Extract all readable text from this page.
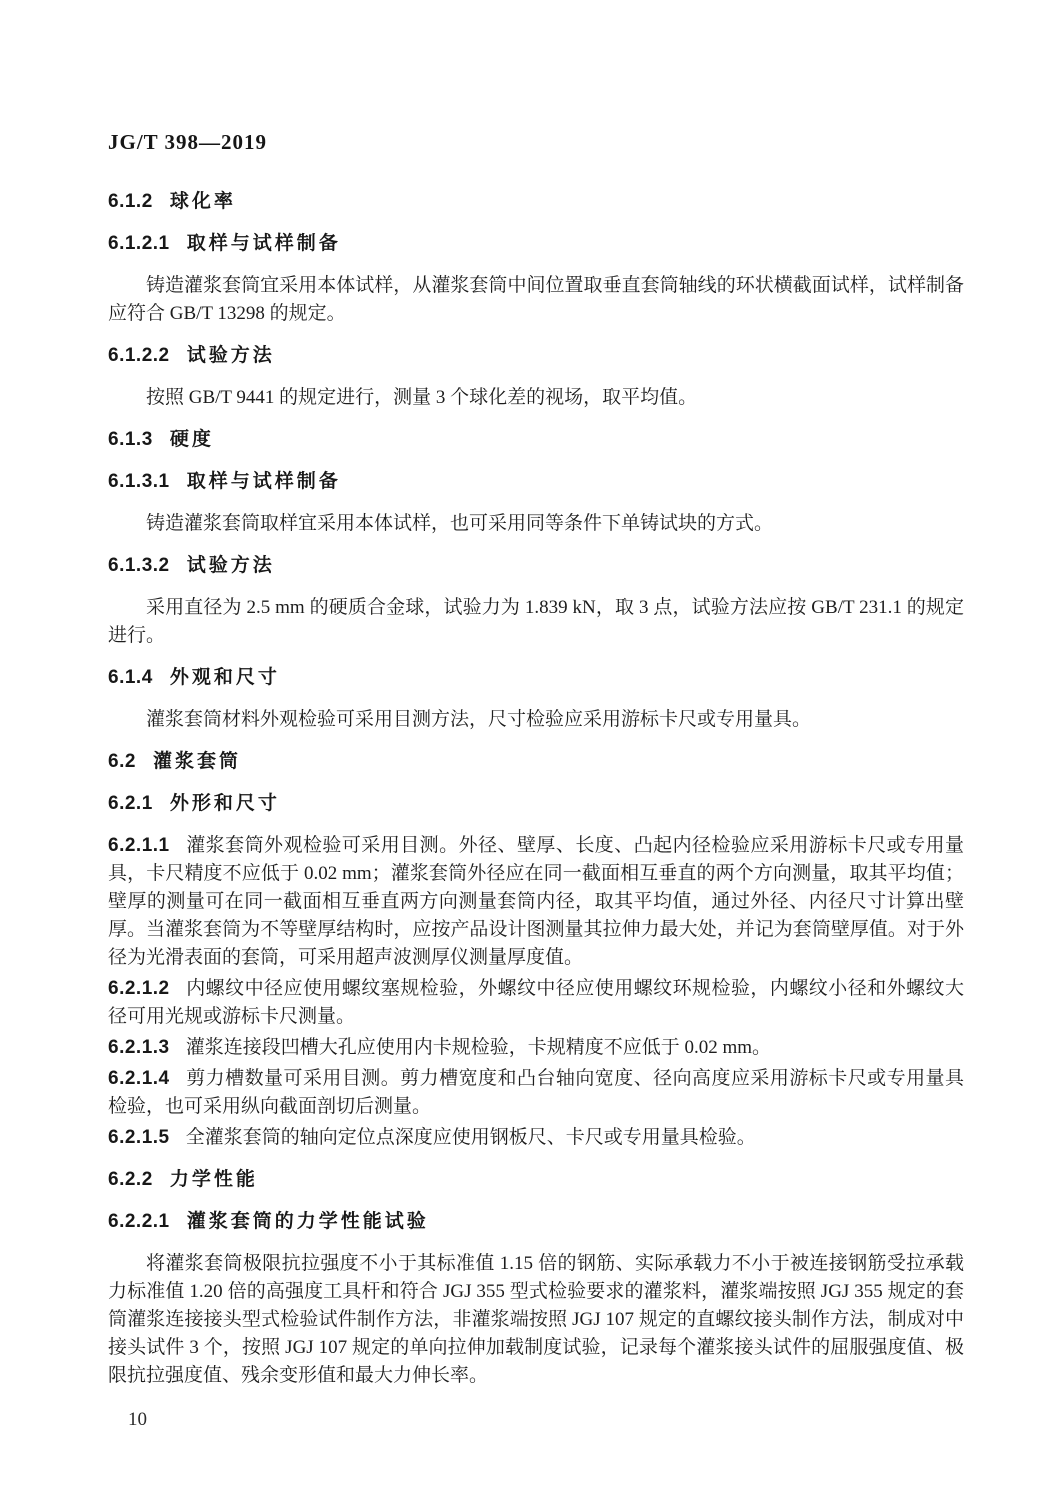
JG/T 398—2019

6.1.2 球化率

6.1.2.1 取样与试样制备

铸造灌浆套筒宜采用本体试样，从灌浆套筒中间位置取垂直套筒轴线的环状横截面试样，试样制备应符合 GB/T 13298 的规定。

6.1.2.2 试验方法

按照 GB/T 9441 的规定进行，测量 3 个球化差的视场，取平均值。

6.1.3 硬度

6.1.3.1 取样与试样制备

铸造灌浆套筒取样宜采用本体试样，也可采用同等条件下单铸试块的方式。

6.1.3.2 试验方法

采用直径为 2.5 mm 的硬质合金球，试验力为 1.839 kN，取 3 点，试验方法应按 GB/T 231.1 的规定进行。

6.1.4 外观和尺寸

灌浆套筒材料外观检验可采用目测方法，尺寸检验应采用游标卡尺或专用量具。

6.2 灌浆套筒

6.2.1 外形和尺寸

6.2.1.1 灌浆套筒外观检验可采用目测。外径、壁厚、长度、凸起内径检验应采用游标卡尺或专用量具，卡尺精度不应低于 0.02 mm；灌浆套筒外径应在同一截面相互垂直的两个方向测量，取其平均值；壁厚的测量可在同一截面相互垂直两方向测量套筒内径，取其平均值，通过外径、内径尺寸计算出壁厚。当灌浆套筒为不等壁厚结构时，应按产品设计图测量其拉伸力最大处，并记为套筒壁厚值。对于外径为光滑表面的套筒，可采用超声波测厚仪测量厚度值。

6.2.1.2 内螺纹中径应使用螺纹塞规检验，外螺纹中径应使用螺纹环规检验，内螺纹小径和外螺纹大径可用光规或游标卡尺测量。

6.2.1.3 灌浆连接段凹槽大孔应使用内卡规检验，卡规精度不应低于 0.02 mm。

6.2.1.4 剪力槽数量可采用目测。剪力槽宽度和凸台轴向宽度、径向高度应采用游标卡尺或专用量具检验，也可采用纵向截面剖切后测量。

6.2.1.5 全灌浆套筒的轴向定位点深度应使用钢板尺、卡尺或专用量具检验。

6.2.2 力学性能

6.2.2.1 灌浆套筒的力学性能试验

将灌浆套筒极限抗拉强度不小于其标准值 1.15 倍的钢筋、实际承载力不小于被连接钢筋受拉承载力标准值 1.20 倍的高强度工具杆和符合 JGJ 355 型式检验要求的灌浆料，灌浆端按照 JGJ 355 规定的套筒灌浆连接接头型式检验试件制作方法，非灌浆端按照 JGJ 107 规定的直螺纹接头制作方法，制成对中接头试件 3 个，按照 JGJ 107 规定的单向拉伸加载制度试验，记录每个灌浆接头试件的屈服强度值、极限抗拉强度值、残余变形值和最大力伸长率。

10
